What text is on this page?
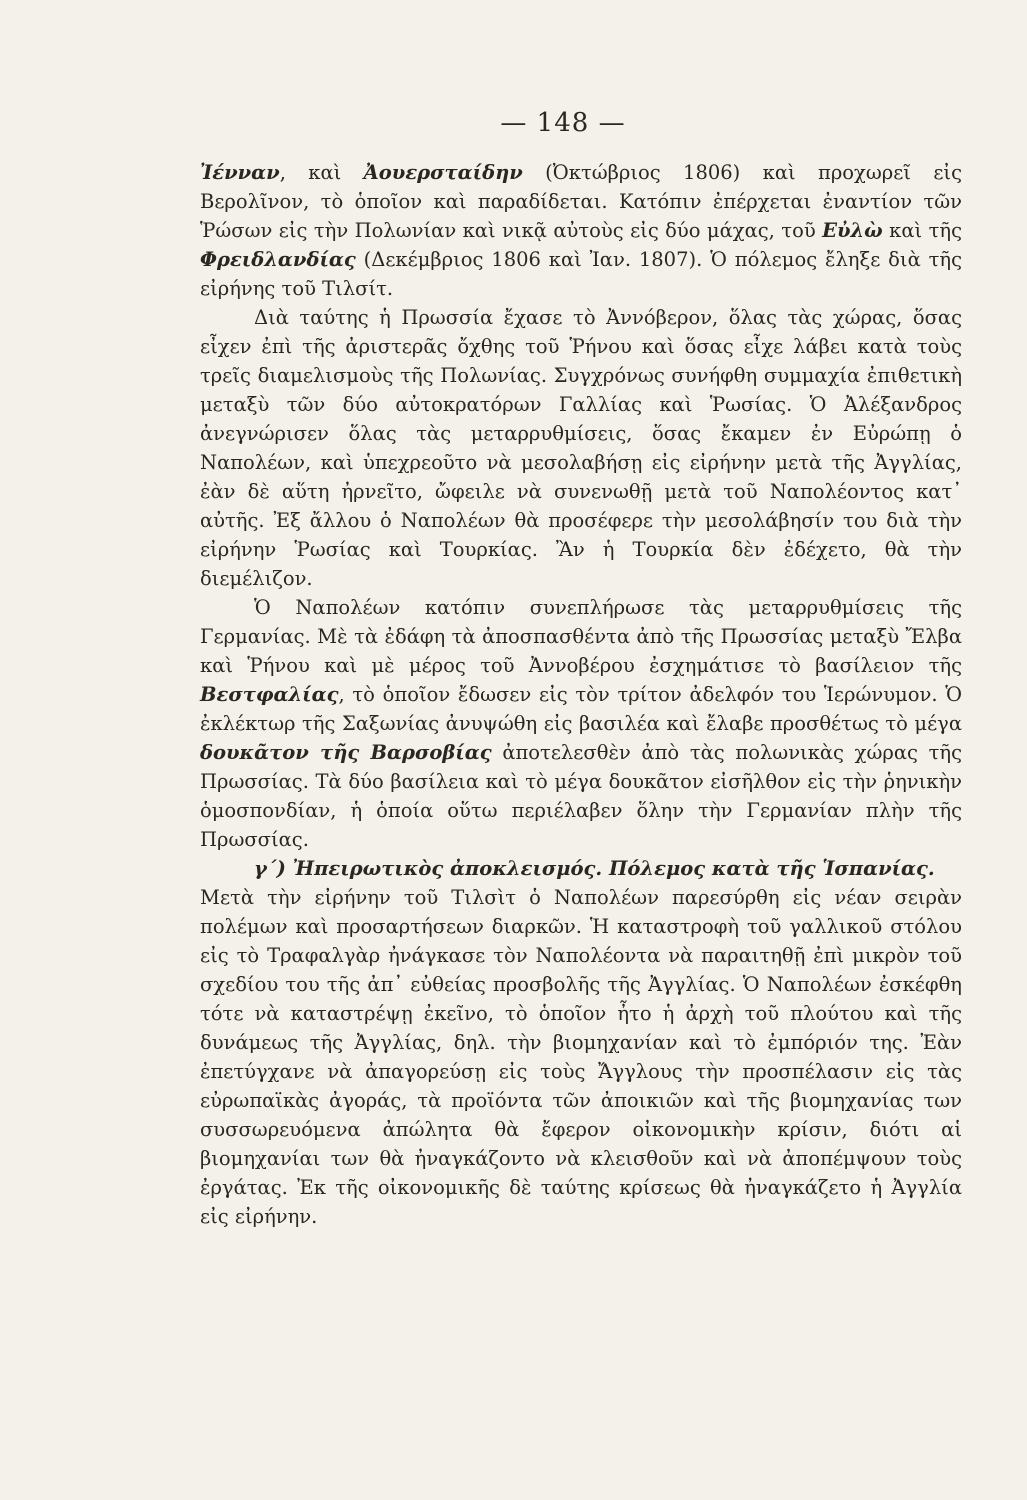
— 148 —

Ἰένναν, καὶ Ἀουερσταίδην (Ὀκτώβριος 1806) καὶ προχωρεῖ εἰς Βερολῖνον, τὸ ὁποῖον καὶ παραδίδεται. Κατόπιν ἐπέρχεται ἐναντίον τῶν Ῥώσων εἰς τὴν Πολωνίαν καὶ νικᾷ αὐτοὺς εἰς δύο μάχας, τοῦ Εὐλὼ καὶ τῆς Φρειδλανδίας (Δεκέμβριος 1806 καὶ Ἰαν. 1807). Ὁ πόλεμος ἔληξε διὰ τῆς εἰρήνης τοῦ Τιλσίτ.

Διὰ ταύτης ἡ Πρωσσία ἔχασε τὸ Ἀννόβερον, ὅλας τὰς χώρας, ὅσας εἶχεν ἐπὶ τῆς ἀριστερᾶς ὄχθης τοῦ Ῥήνου καὶ ὅσας εἶχε λάβει κατὰ τοὺς τρεῖς διαμελισμοὺς τῆς Πολωνίας. Συγχρόνως συνήφθη συμμαχία ἐπιθετικὴ μεταξὺ τῶν δύο αὐτοκρατόρων Γαλλίας καὶ Ῥωσίας. Ὁ Ἀλέξανδρος ἀνεγνώρισεν ὅλας τὰς μεταρρυθμίσεις, ὅσας ἔκαμεν ἐν Εὐρώπῃ ὁ Ναπολέων, καὶ ὑπεχρεοῦτο νὰ μεσολαβήσῃ εἰς εἰρήνην μετὰ τῆς Ἀγγλίας, ἐὰν δὲ αὕτη ἠρνεῖτο, ὤφειλε νὰ συνενωθῇ μετὰ τοῦ Ναπολέοντος κατ᾿ αὐτῆς. Ἐξ ἄλλου ὁ Ναπολέων θὰ προσέφερε τὴν μεσολάβησίν του διὰ τὴν εἰρήνην Ῥωσίας καὶ Τουρκίας. Ἂν ἡ Τουρκία δὲν ἐδέχετο, θὰ τὴν διεμέλιζον.

Ὁ Ναπολέων κατόπιν συνεπλήρωσε τὰς μεταρρυθμίσεις τῆς Γερμανίας. Μὲ τὰ ἐδάφη τὰ ἀποσπασθέντα ἀπὸ τῆς Πρωσσίας μεταξὺ Ἔλβα καὶ Ῥήνου καὶ μὲ μέρος τοῦ Ἀννοβέρου ἐσχημάτισε τὸ βασίλειον τῆς Βεστφαλίας, τὸ ὁποῖον ἔδωσεν εἰς τὸν τρίτον ἀδελφόν του Ἱερώνυμον. Ὁ ἐκλέκτωρ τῆς Σαξωνίας ἀνυψώθη εἰς βασιλέα καὶ ἔλαβε προσθέτως τὸ μέγα δουκᾶτον τῆς Βαρσοβίας ἀποτελεσθὲν ἀπὸ τὰς πολωνικὰς χώρας τῆς Πρωσσίας. Τὰ δύο βασίλεια καὶ τὸ μέγα δουκᾶτον εἰσῆλθον εἰς τὴν ῥηνικὴν ὁμοσπονδίαν, ἡ ὁποία οὕτω περιέλαβεν ὅλην τὴν Γερμανίαν πλὴν τῆς Πρωσσίας.

γ΄) Ἠπειρωτικὸς ἀποκλεισμός. Πόλεμος κατὰ τῆς Ἱσπανίας.

Μετὰ τὴν εἰρήνην τοῦ Τιλσὶτ ὁ Ναπολέων παρεσύρθη εἰς νέαν σειρὰν πολέμων καὶ προσαρτήσεων διαρκῶν. Ἡ καταστροφὴ τοῦ γαλλικοῦ στόλου εἰς τὸ Τραφαλγὰρ ἠνάγκασε τὸν Ναπολέοντα νὰ παραιτηθῇ ἐπὶ μικρὸν τοῦ σχεδίου του τῆς ἀπ᾿ εὐθείας προσβολῆς τῆς Ἀγγλίας. Ὁ Ναπολέων ἐσκέφθη τότε νὰ καταστρέψῃ ἐκεῖνο, τὸ ὁποῖον ἦτο ἡ ἀρχὴ τοῦ πλούτου καὶ τῆς δυνάμεως τῆς Ἀγγλίας, δηλ. τὴν βιομηχανίαν καὶ τὸ ἐμπόριόν της. Ἐὰν ἐπετύγχανε νὰ ἀπαγορεύσῃ εἰς τοὺς Ἄγγλους τὴν προσπέλασιν εἰς τὰς εὐρωπαϊκὰς ἀγοράς, τὰ προϊόντα τῶν ἀποικιῶν καὶ τῆς βιομηχανίας των συσσωρευόμενα ἀπώλητα θὰ ἔφερον οἰκονομικὴν κρίσιν, διότι αἱ βιομηχανίαι των θὰ ἠναγκάζοντο νὰ κλεισθοῦν καὶ νὰ ἀποπέμψουν τοὺς ἐργάτας. Ἐκ τῆς οἰκονομικῆς δὲ ταύτης κρίσεως θὰ ἠναγκάζετο ἡ Ἀγγλία εἰς εἰρήνην.
